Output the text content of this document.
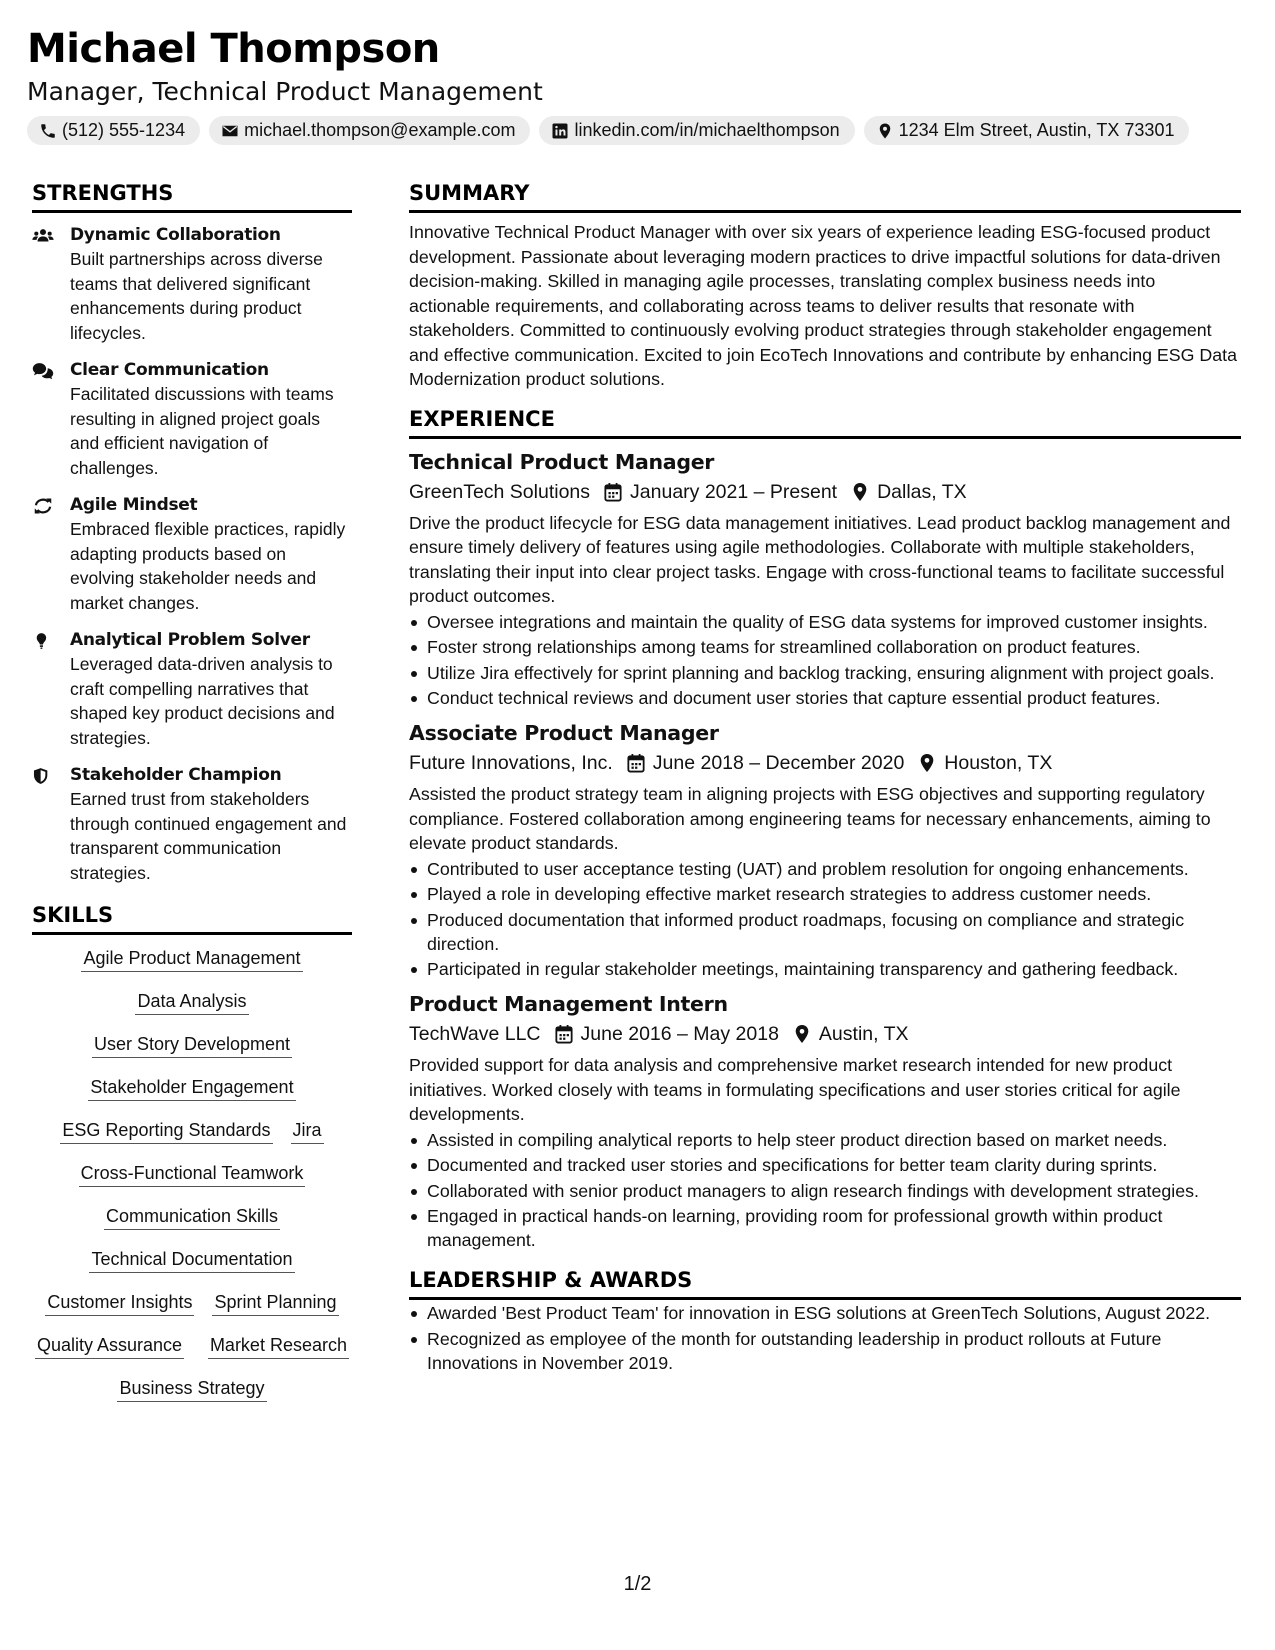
Michael Thompson
Manager, Technical Product Management
(512) 555-1234	michael.thompson@example.com	linkedin.com/in/michaelthompson	1234 Elm Street, Austin, TX 73301
STRENGTHS
Dynamic Collaboration
Built partnerships across diverse teams that delivered significant enhancements during product lifecycles.
Clear Communication
Facilitated discussions with teams resulting in aligned project goals and efficient navigation of challenges.
Agile Mindset
Embraced flexible practices, rapidly adapting products based on evolving stakeholder needs and market changes.
Analytical Problem Solver
Leveraged data-driven analysis to craft compelling narratives that shaped key product decisions and strategies.
Stakeholder Champion
Earned trust from stakeholders through continued engagement and transparent communication strategies.
SKILLS
Agile Product Management
Data Analysis
User Story Development
Stakeholder Engagement
ESG Reporting Standards Jira
Cross-Functional Teamwork
Communication Skills
Technical Documentation
Customer Insights Sprint Planning
Quality Assurance Market Research
Business Strategy
SUMMARY
Innovative Technical Product Manager with over six years of experience leading ESG-focused product development. Passionate about leveraging modern practices to drive impactful solutions for data-driven decision-making. Skilled in managing agile processes, translating complex business needs into actionable requirements, and collaborating across teams to deliver results that resonate with stakeholders. Committed to continuously evolving product strategies through stakeholder engagement and effective communication. Excited to join EcoTech Innovations and contribute by enhancing ESG Data Modernization product solutions.
EXPERIENCE
Technical Product Manager
GreenTech Solutions January 2021 – Present Dallas, TX
Drive the product lifecycle for ESG data management initiatives. Lead product backlog management and ensure timely delivery of features using agile methodologies. Collaborate with multiple stakeholders, translating their input into clear project tasks. Engage with cross-functional teams to facilitate successful product outcomes.
Oversee integrations and maintain the quality of ESG data systems for improved customer insights.
Foster strong relationships among teams for streamlined collaboration on product features.
Utilize Jira effectively for sprint planning and backlog tracking, ensuring alignment with project goals.
Conduct technical reviews and document user stories that capture essential product features.
Associate Product Manager
Future Innovations, Inc. June 2018 – December 2020 Houston, TX
Assisted the product strategy team in aligning projects with ESG objectives and supporting regulatory compliance. Fostered collaboration among engineering teams for necessary enhancements, aiming to elevate product standards.
Contributed to user acceptance testing (UAT) and problem resolution for ongoing enhancements.
Played a role in developing effective market research strategies to address customer needs.
Produced documentation that informed product roadmaps, focusing on compliance and strategic direction.
Participated in regular stakeholder meetings, maintaining transparency and gathering feedback.
Product Management Intern
TechWave LLC June 2016 – May 2018 Austin, TX
Provided support for data analysis and comprehensive market research intended for new product initiatives. Worked closely with teams in formulating specifications and user stories critical for agile developments.
Assisted in compiling analytical reports to help steer product direction based on market needs.
Documented and tracked user stories and specifications for better team clarity during sprints.
Collaborated with senior product managers to align research findings with development strategies.
Engaged in practical hands-on learning, providing room for professional growth within product management.
LEADERSHIP & AWARDS
Awarded 'Best Product Team' for innovation in ESG solutions at GreenTech Solutions, August 2022.
Recognized as employee of the month for outstanding leadership in product rollouts at Future Innovations in November 2019.
1/2
